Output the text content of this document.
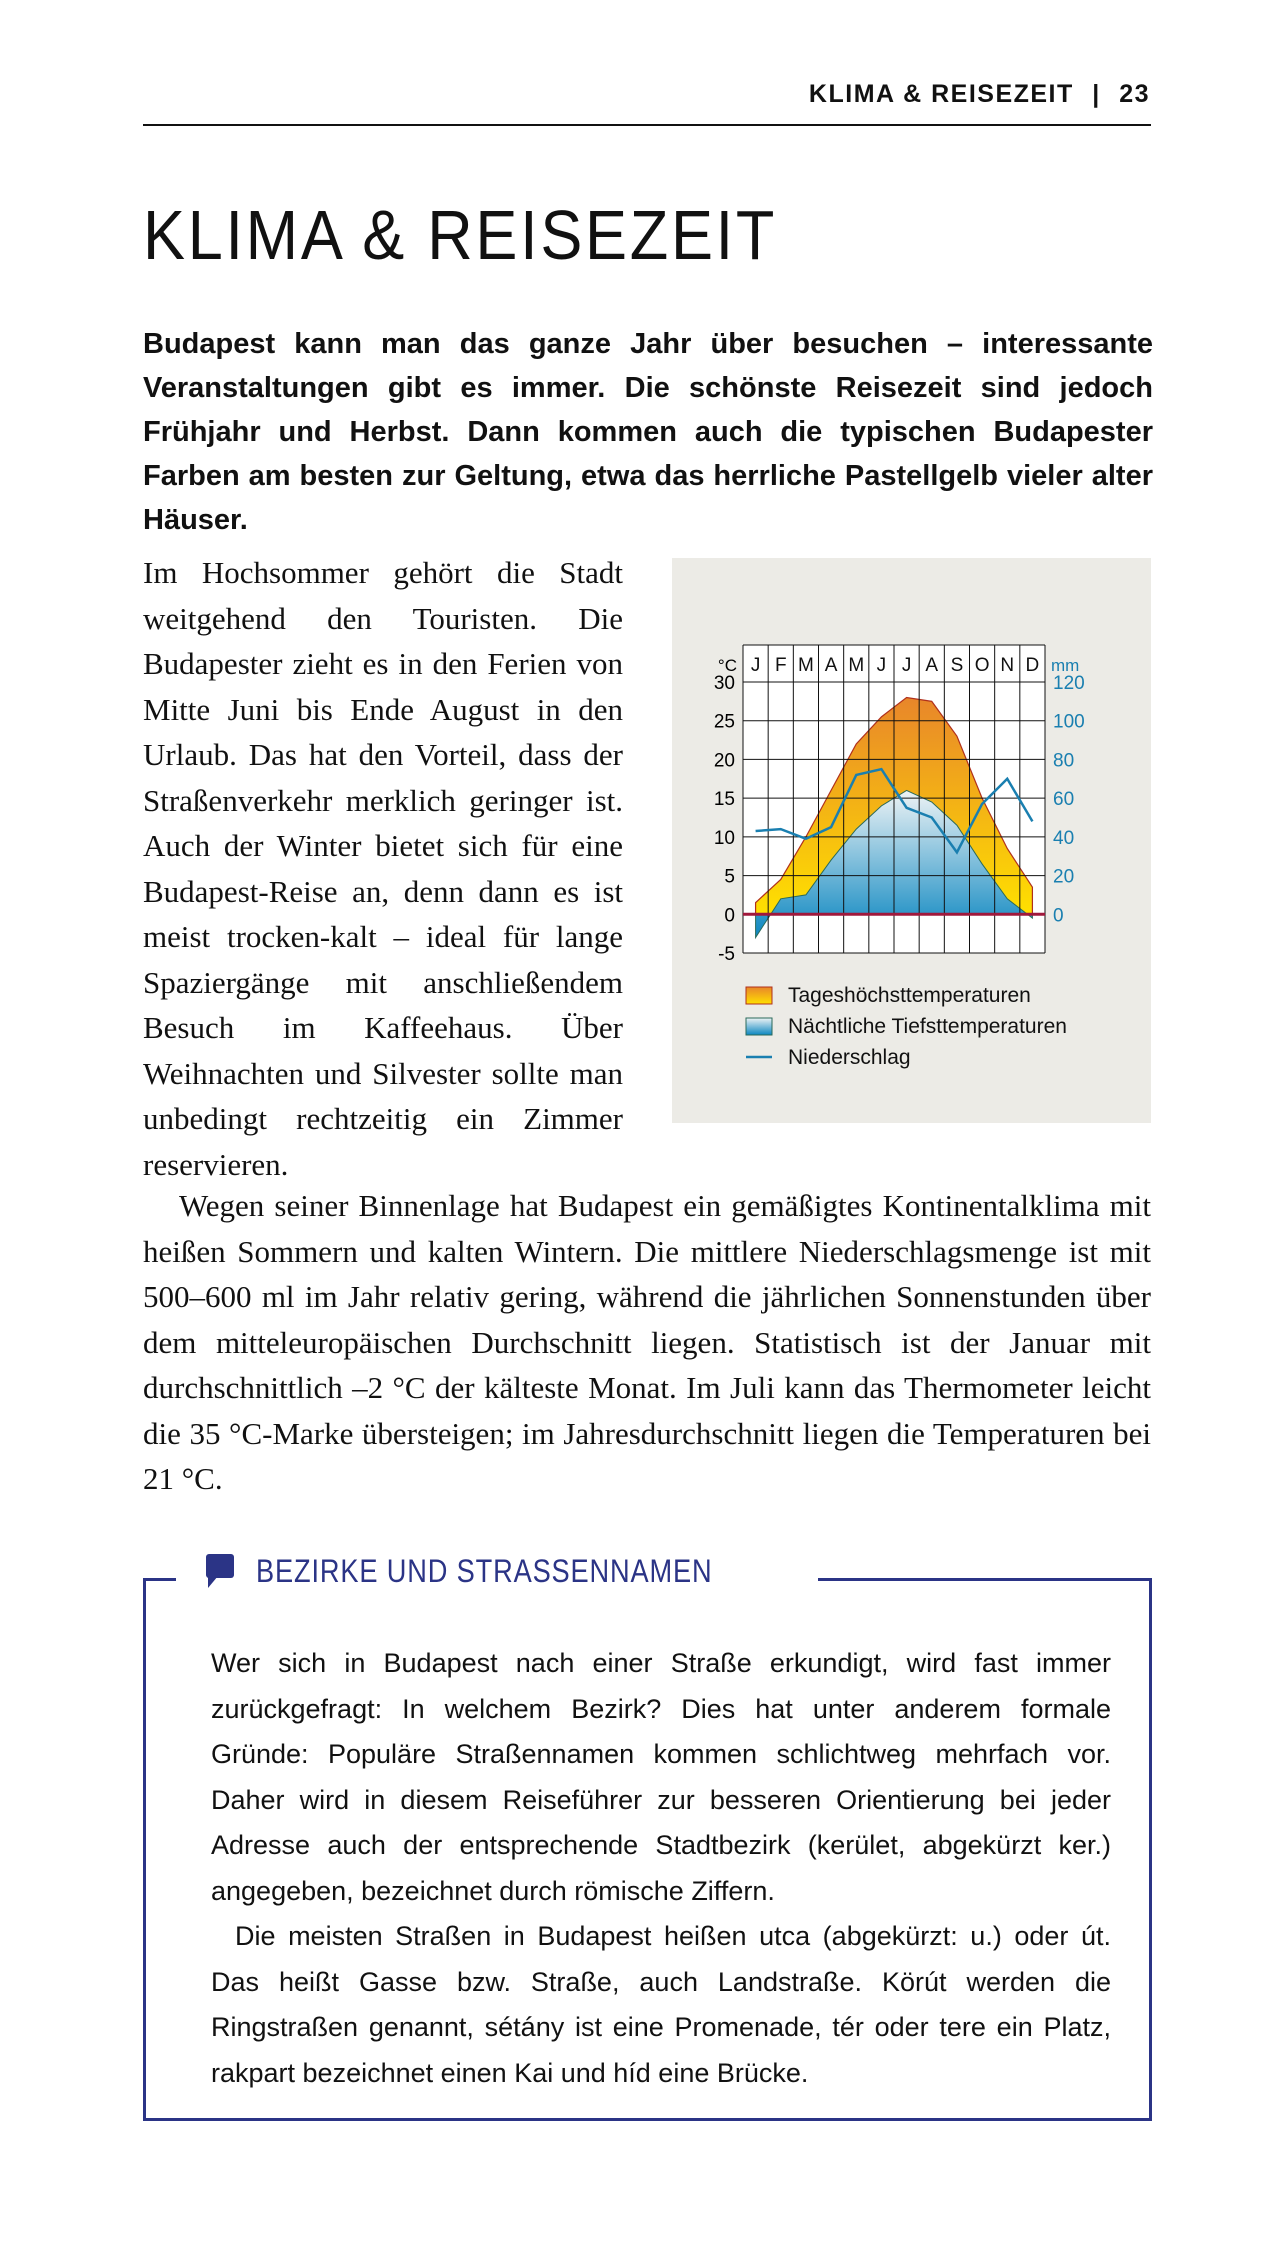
KLIMA & REISEZEIT | 23
KLIMA & REISEZEIT

Budapest kann man das ganze Jahr über besuchen – interessante Veranstaltungen gibt es immer. Die schönste Reisezeit sind jedoch Frühjahr und Herbst. Dann kommen auch die typischen Budapester Farben am besten zur Geltung, etwa das herrliche Pastellgelb vieler alter Häuser.

Im Hochsommer gehört die Stadt weitgehend den Touristen. Die Budapester zieht es in den Ferien von Mitte Juni bis Ende August in den Urlaub. Das hat den Vorteil, dass der Straßenverkehr merklich geringer ist. Auch der Winter bietet sich für eine Budapest-Reise an, denn dann es ist meist trocken-kalt – ideal für lange Spaziergänge mit anschließendem Besuch im Kaffeehaus. Über Weihnachten und Silvester sollte man unbedingt rechtzeitig ein Zimmer reservieren.

J F M A M J J A S O N D
°C	mm
30
25
20
15
10
5
0
-5
120
100
80
60
40
20
0
Tageshöchsttemperaturen
Nächtliche Tiefsttemperaturen
Niederschlag

Wegen seiner Binnenlage hat Budapest ein gemäßigtes Kontinentalklima mit heißen Sommern und kalten Wintern. Die mittlere Niederschlagsmenge ist mit 500–600 ml im Jahr relativ gering, während die jährlichen Sonnenstunden über dem mitteleuropäischen Durchschnitt liegen. Statistisch ist der Januar mit durchschnittlich –2 °C der kälteste Monat. Im Juli kann das Thermometer leicht die 35 °C-Marke übersteigen; im Jahresdurchschnitt liegen die Temperaturen bei 21 °C.

BEZIRKE UND STRASSENNAMEN

Wer sich in Budapest nach einer Straße erkundigt, wird fast immer zurückgefragt: In welchem Bezirk? Dies hat unter anderem formale Gründe: Populäre Straßennamen kommen schlichtweg mehrfach vor. Daher wird in diesem Reiseführer zur besseren Orientierung bei jeder Adresse auch der entsprechende Stadtbezirk (kerület, abgekürzt ker.) angegeben, bezeichnet durch römische Ziffern.

Die meisten Straßen in Budapest heißen utca (abgekürzt: u.) oder út. Das heißt Gasse bzw. Straße, auch Landstraße. Körút werden die Ringstraßen genannt, sétány ist eine Promenade, tér oder tere ein Platz, rakpart bezeichnet einen Kai und híd eine Brücke.
